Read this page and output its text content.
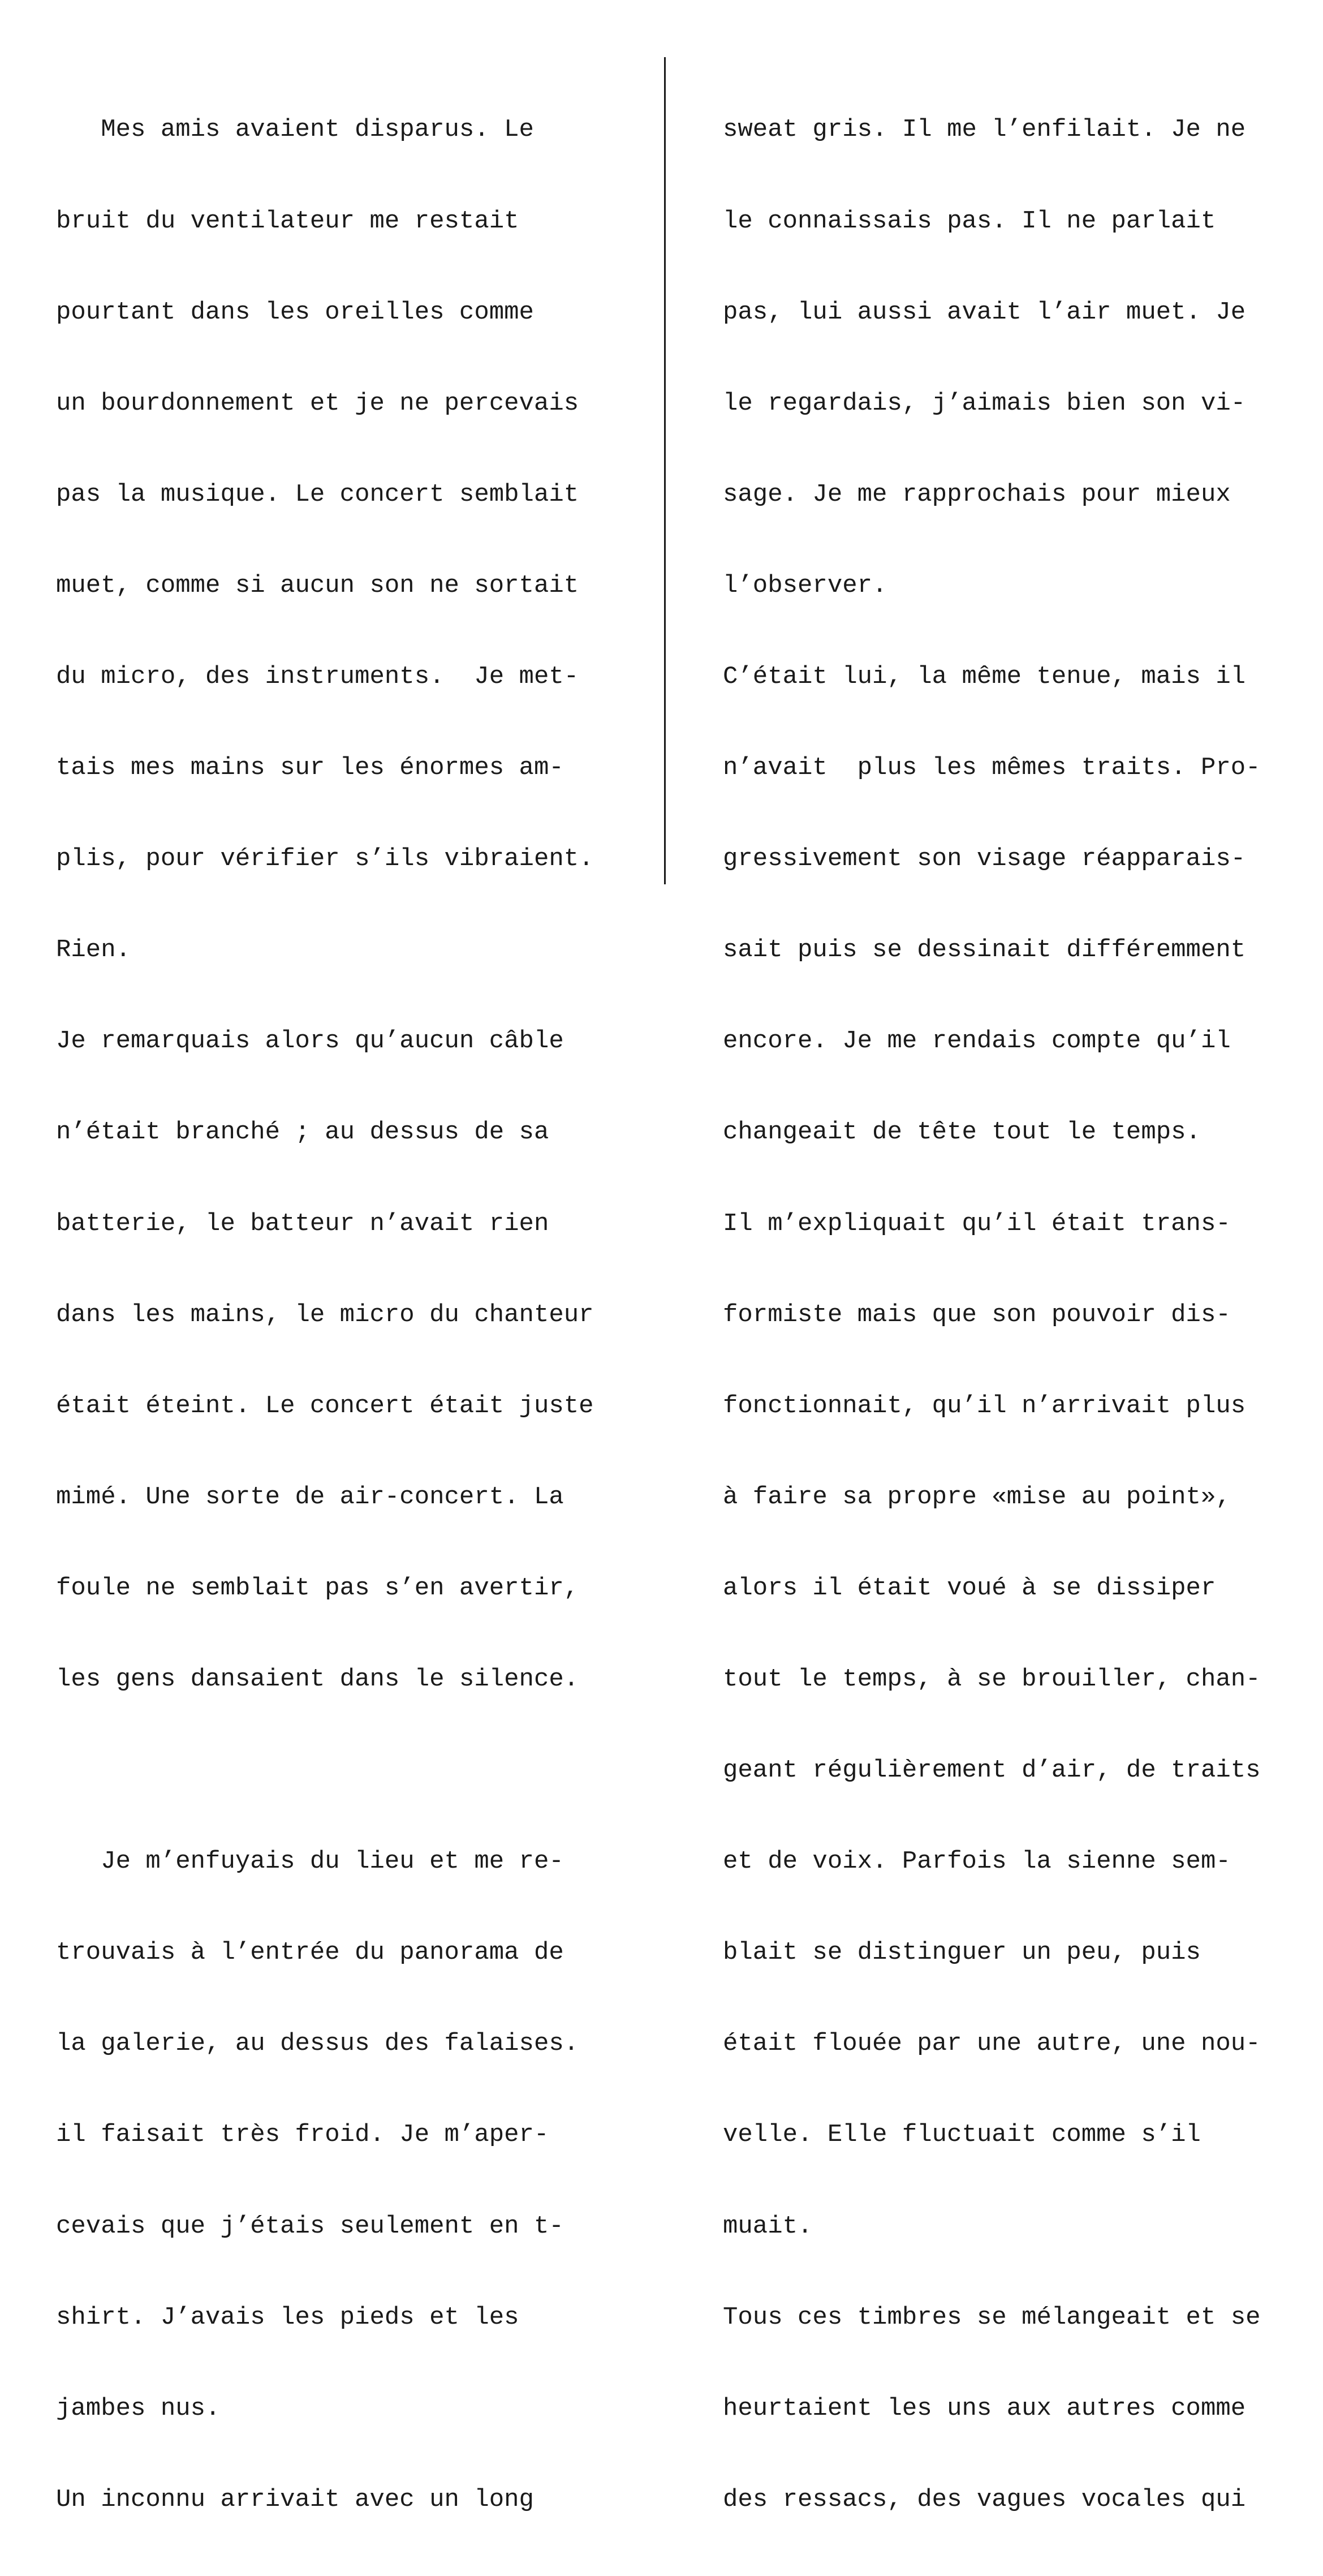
Mes amis avaient disparus. Le

bruit du ventilateur me restait

pourtant dans les oreilles comme

un bourdonnement et je ne percevais

pas la musique. Le concert semblait

muet, comme si aucun son ne sortait

du micro, des instruments.  Je met-

tais mes mains sur les énormes am-

plis, pour vérifier s’ils vibraient.

Rien.

Je remarquais alors qu’aucun câble

n’était branché ; au dessus de sa

batterie, le batteur n’avait rien

dans les mains, le micro du chanteur

était éteint. Le concert était juste

mimé. Une sorte de air-concert. La

foule ne semblait pas s’en avertir,

les gens dansaient dans le silence.

Je m’enfuyais du lieu et me re-

trouvais à l’entrée du panorama de

la galerie, au dessus des falaises.

il faisait très froid. Je m’aper-

cevais que j’étais seulement en t-

shirt. J’avais les pieds et les

jambes nus.

Un inconnu arrivait avec un long

sweat gris. Il me l’enfilait. Je ne

le connaissais pas. Il ne parlait

pas, lui aussi avait l’air muet. Je

le regardais, j’aimais bien son vi-

sage. Je me rapprochais pour mieux

l’observer.

C’était lui, la même tenue, mais il

n’avait  plus les mêmes traits. Pro-

gressivement son visage réapparais-

sait puis se dessinait différemment

encore. Je me rendais compte qu’il

changeait de tête tout le temps.

Il m’expliquait qu’il était trans-

formiste mais que son pouvoir dis-

fonctionnait, qu’il n’arrivait plus

à faire sa propre «mise au point»,

alors il était voué à se dissiper

tout le temps, à se brouiller, chan-

geant régulièrement d’air, de traits

et de voix. Parfois la sienne sem-

blait se distinguer un peu, puis

était flouée par une autre, une nou-

velle. Elle fluctuait comme s’il

muait.

Tous ces timbres se mélangeait et se

heurtaient les uns aux autres comme

des ressacs, des vagues vocales qui
